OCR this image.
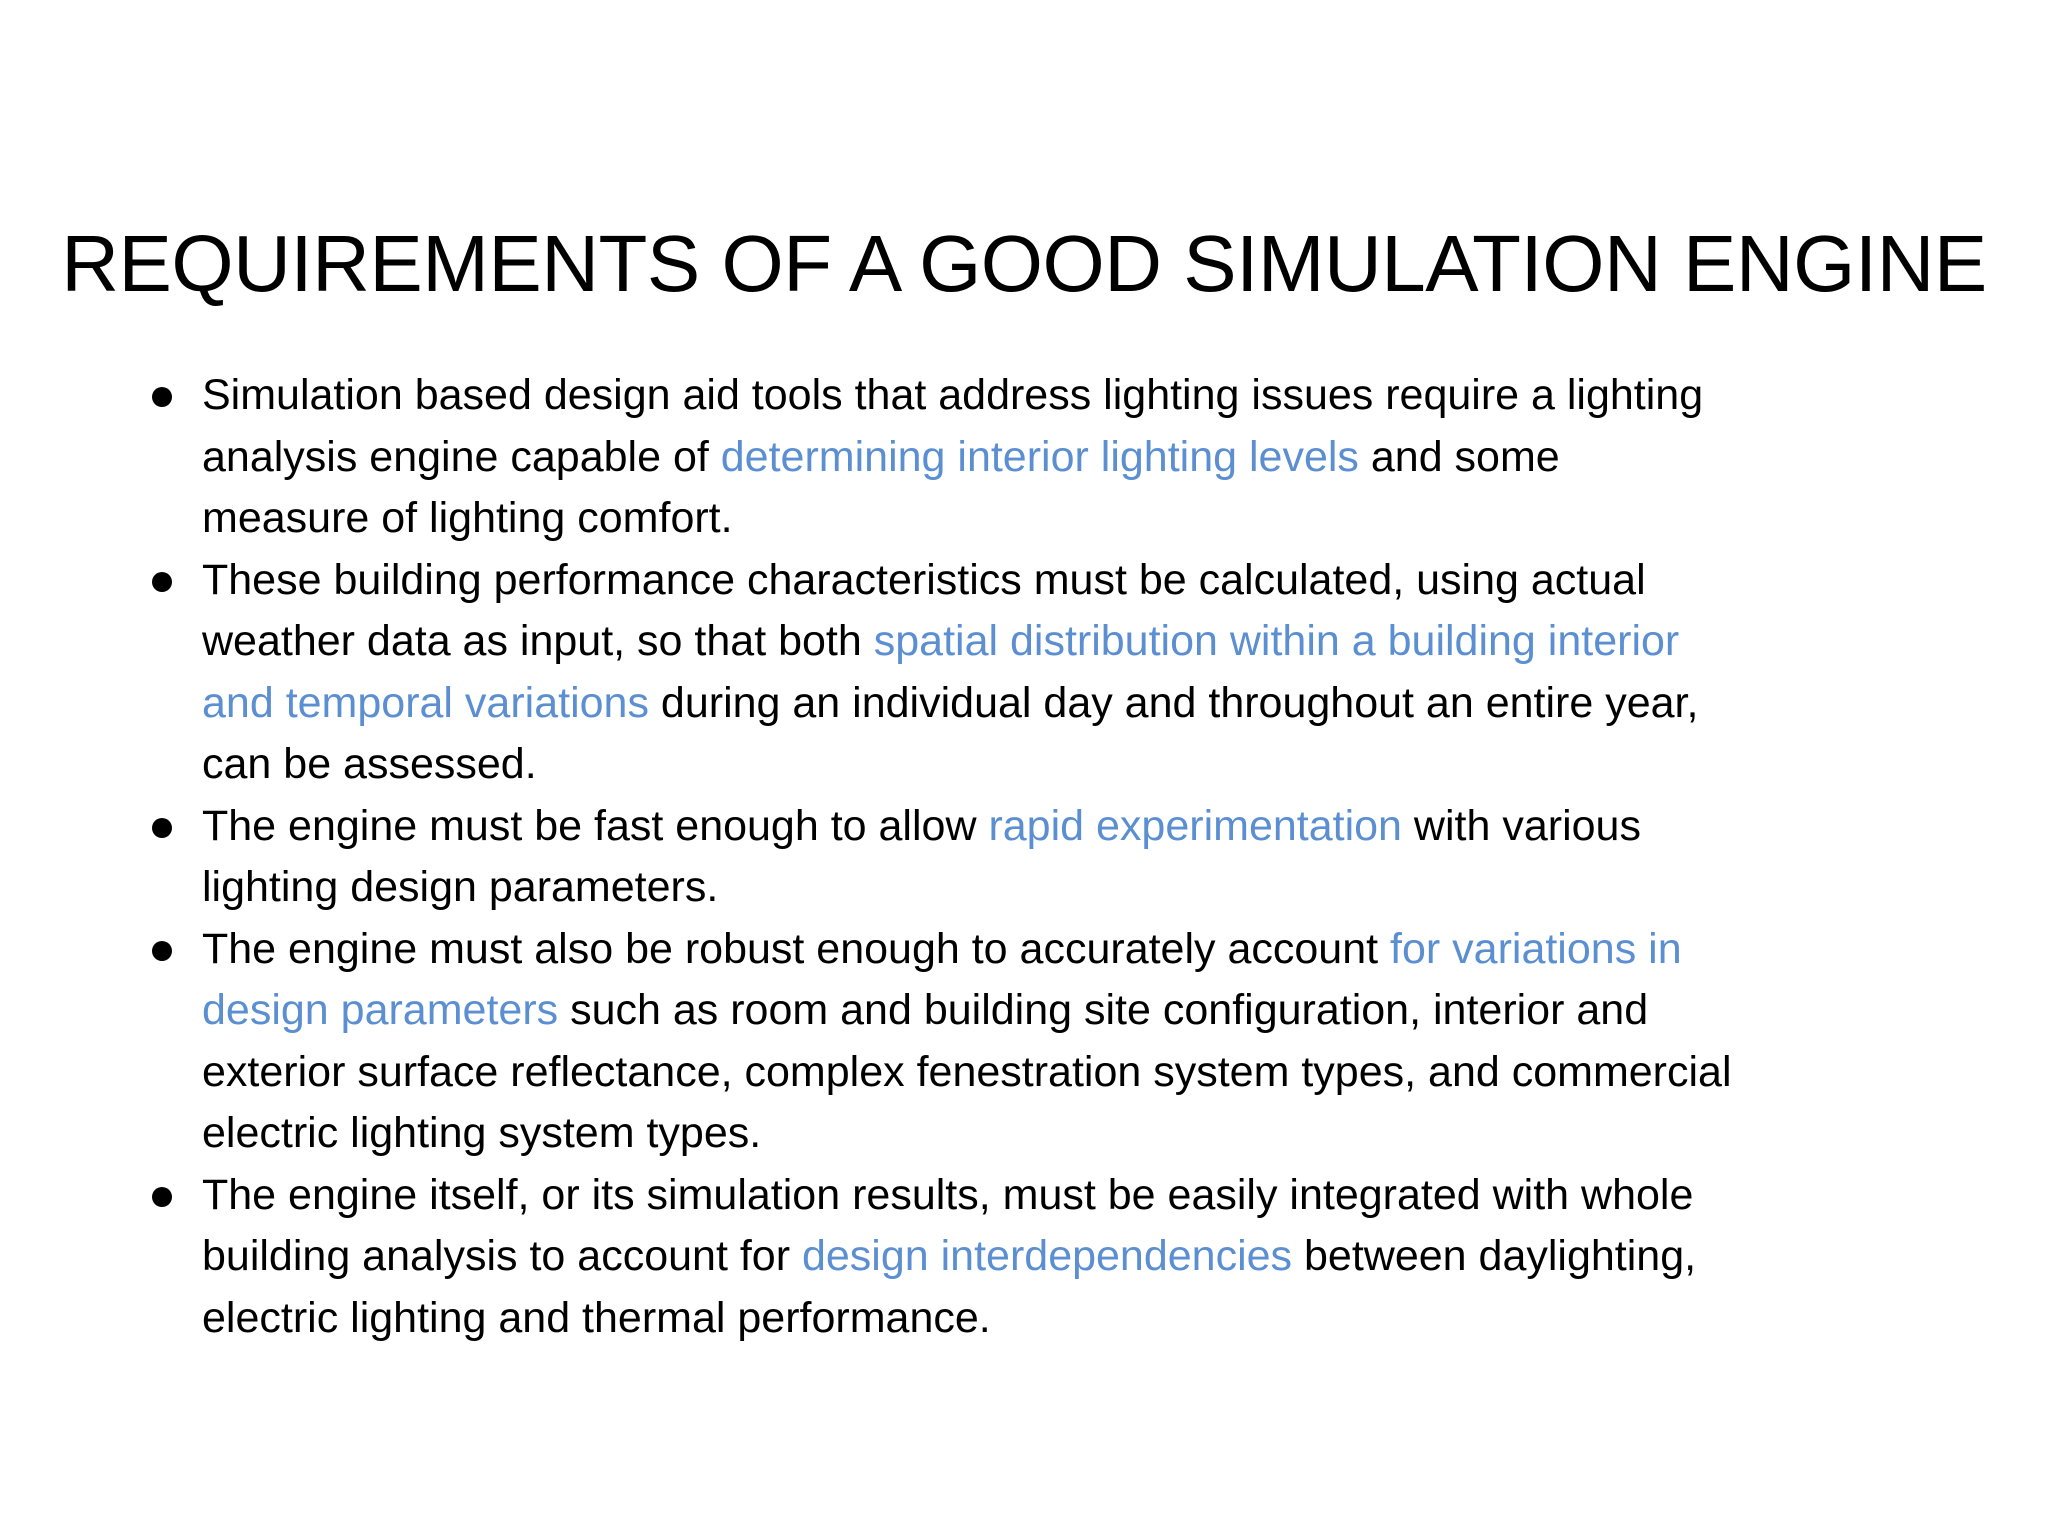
REQUIREMENTS OF A GOOD SIMULATION ENGINE
Simulation based design aid tools that address lighting issues require a lighting
analysis engine capable of determining interior lighting levels and some
measure of lighting comfort.
These building performance characteristics must be calculated, using actual
weather data as input, so that both spatial distribution within a building interior
and temporal variations during an individual day and throughout an entire year,
can be assessed.
The engine must be fast enough to allow rapid experimentation with various
lighting design parameters.
The engine must also be robust enough to accurately account for variations in
design parameters such as room and building site configuration, interior and
exterior surface reflectance, complex fenestration system types, and commercial
electric lighting system types.
The engine itself, or its simulation results, must be easily integrated with whole
building analysis to account for design interdependencies between daylighting,
electric lighting and thermal performance.
